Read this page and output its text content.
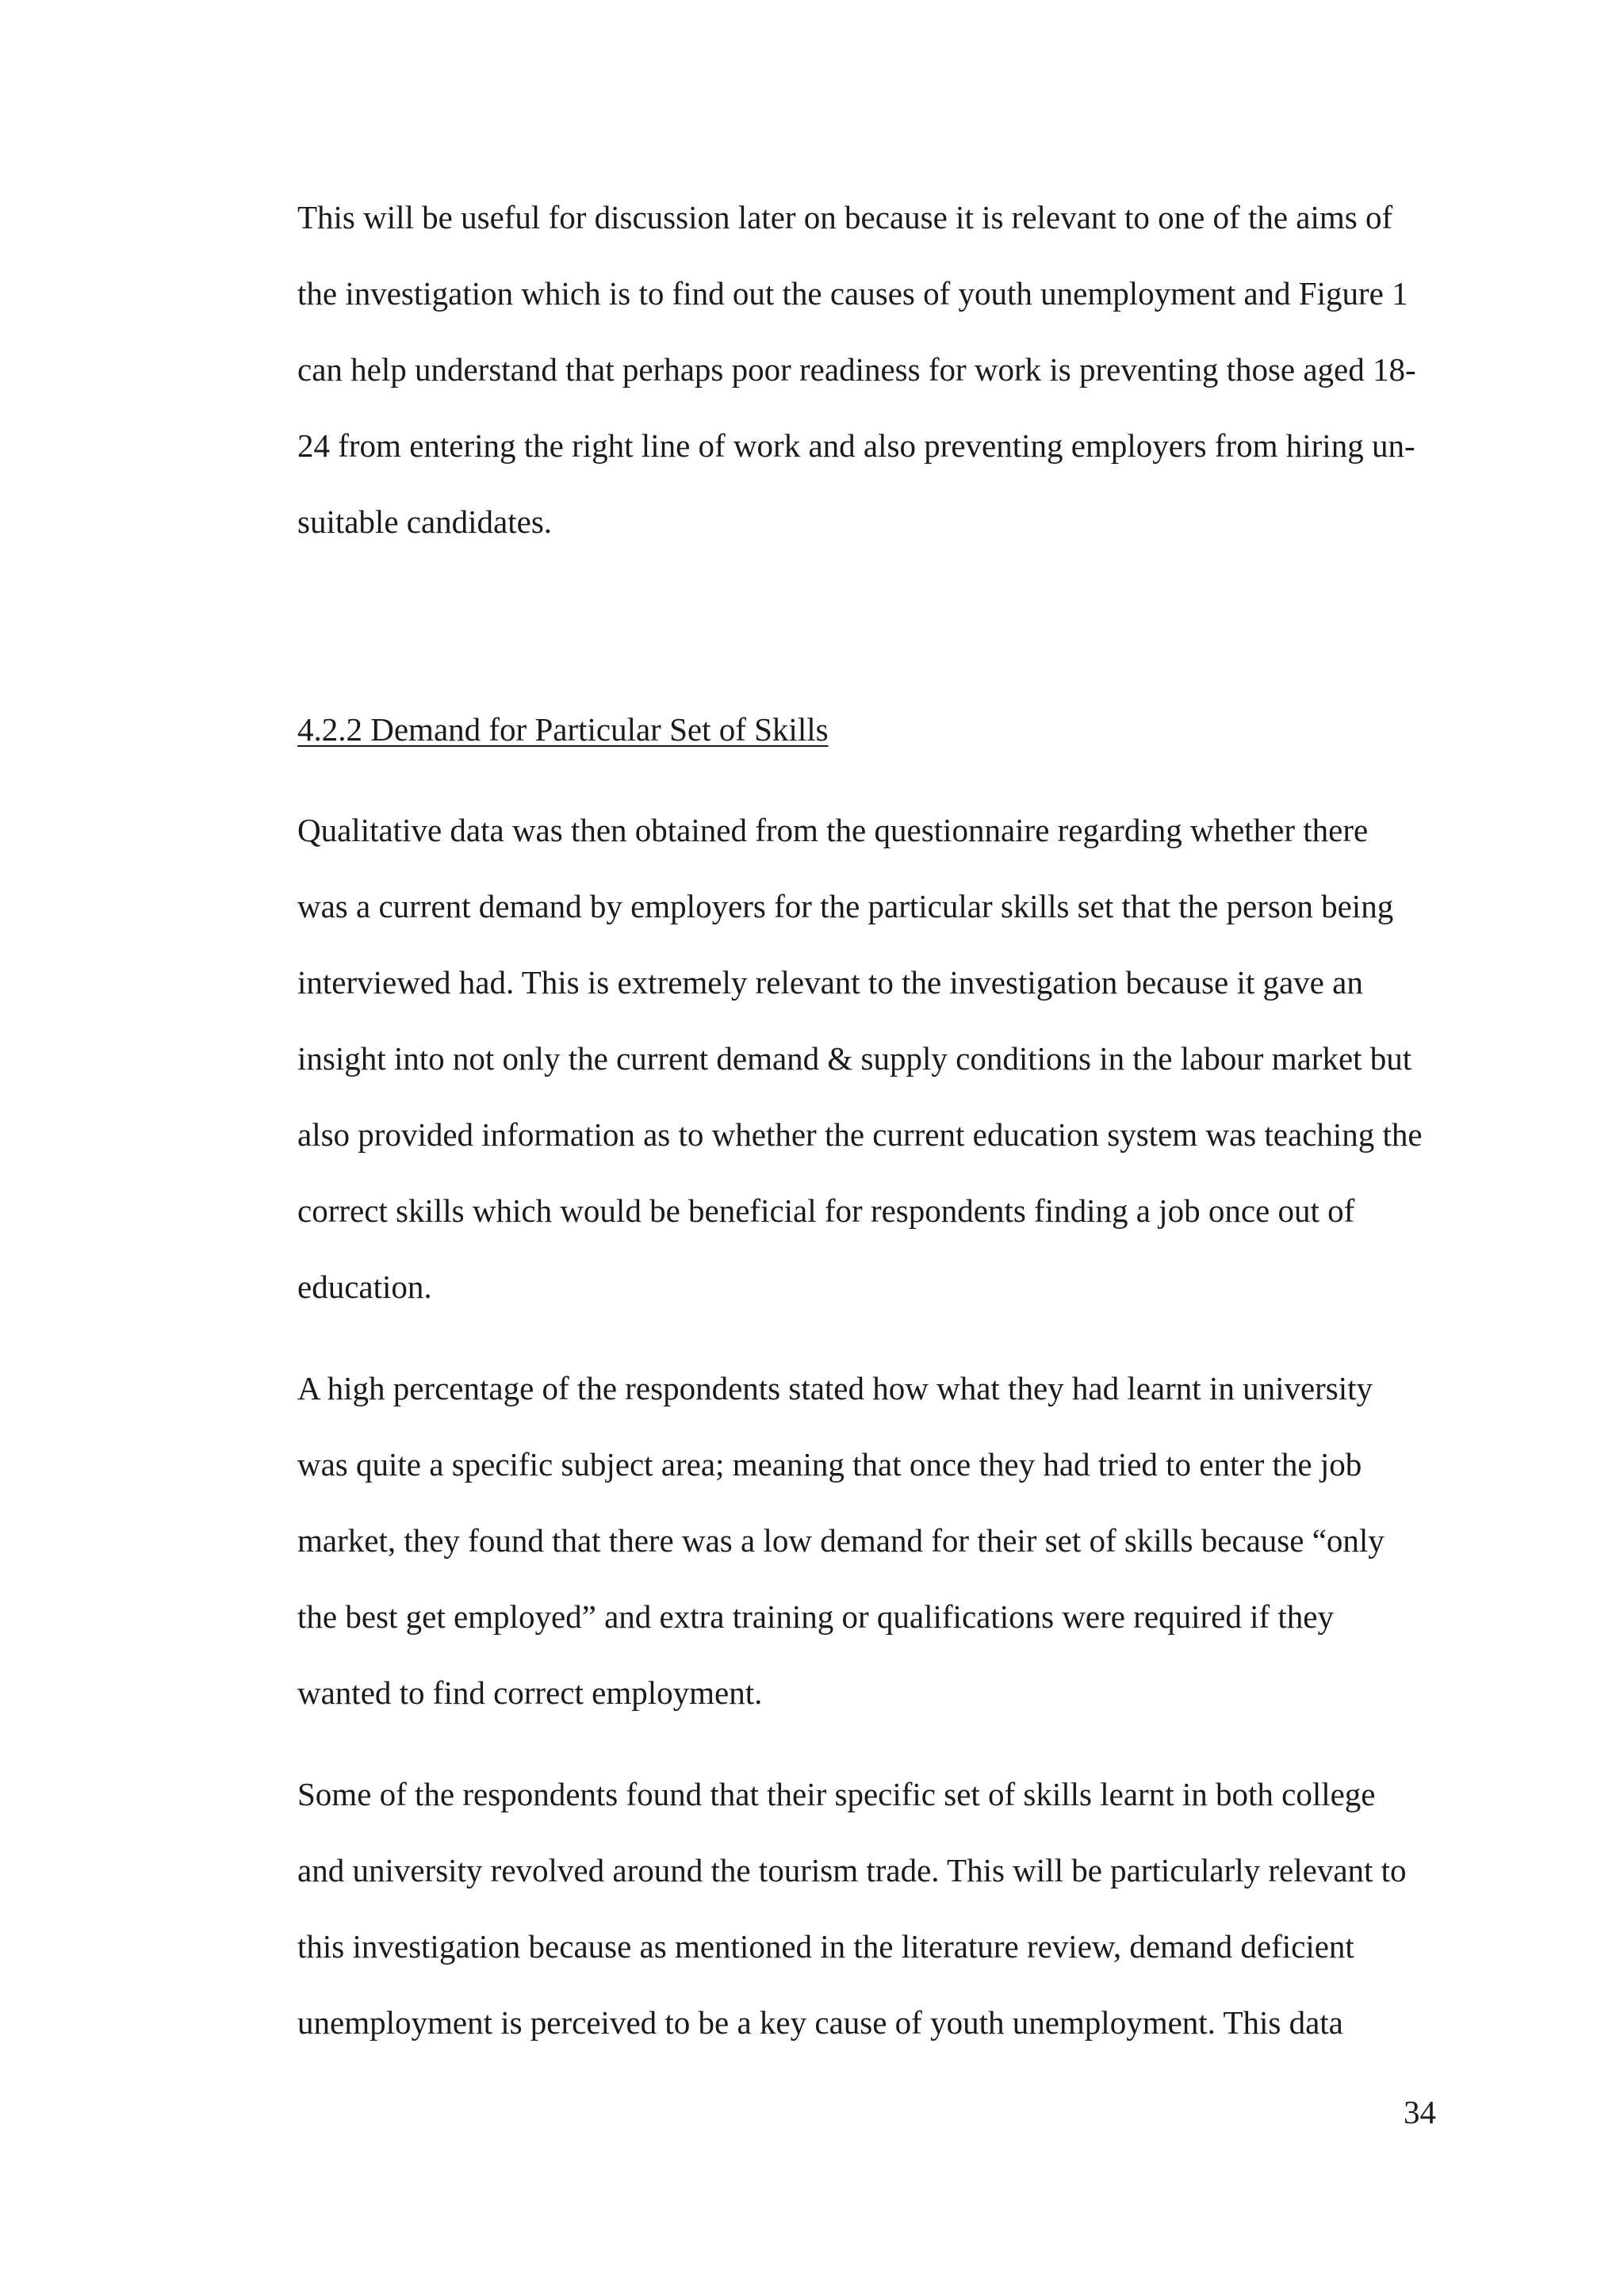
This will be useful for discussion later on because it is relevant to one of the aims of

the investigation which is to find out the causes of youth unemployment and Figure 1

can help understand that perhaps poor readiness for work is preventing those aged 18-

24 from entering the right line of work and also preventing employers from hiring un-

suitable candidates.

4.2.2 Demand for Particular Set of Skills

Qualitative data was then obtained from the questionnaire regarding whether there

was a current demand by employers for the particular skills set that the person being

interviewed had. This is extremely relevant to the investigation because it gave an

insight into not only the current demand & supply conditions in the labour market but

also provided information as to whether the current education system was teaching the

correct skills which would be beneficial for respondents finding a job once out of

education.

A high percentage of the respondents stated how what they had learnt in university

was quite a specific subject area; meaning that once they had tried to enter the job

market, they found that there was a low demand for their set of skills because “only

the best get employed” and extra training or qualifications were required if they

wanted to find correct employment.

Some of the respondents found that their specific set of skills learnt in both college

and university revolved around the tourism trade. This will be particularly relevant to

this investigation because as mentioned in the literature review, demand deficient

unemployment is perceived to be a key cause of youth unemployment. This data

34
